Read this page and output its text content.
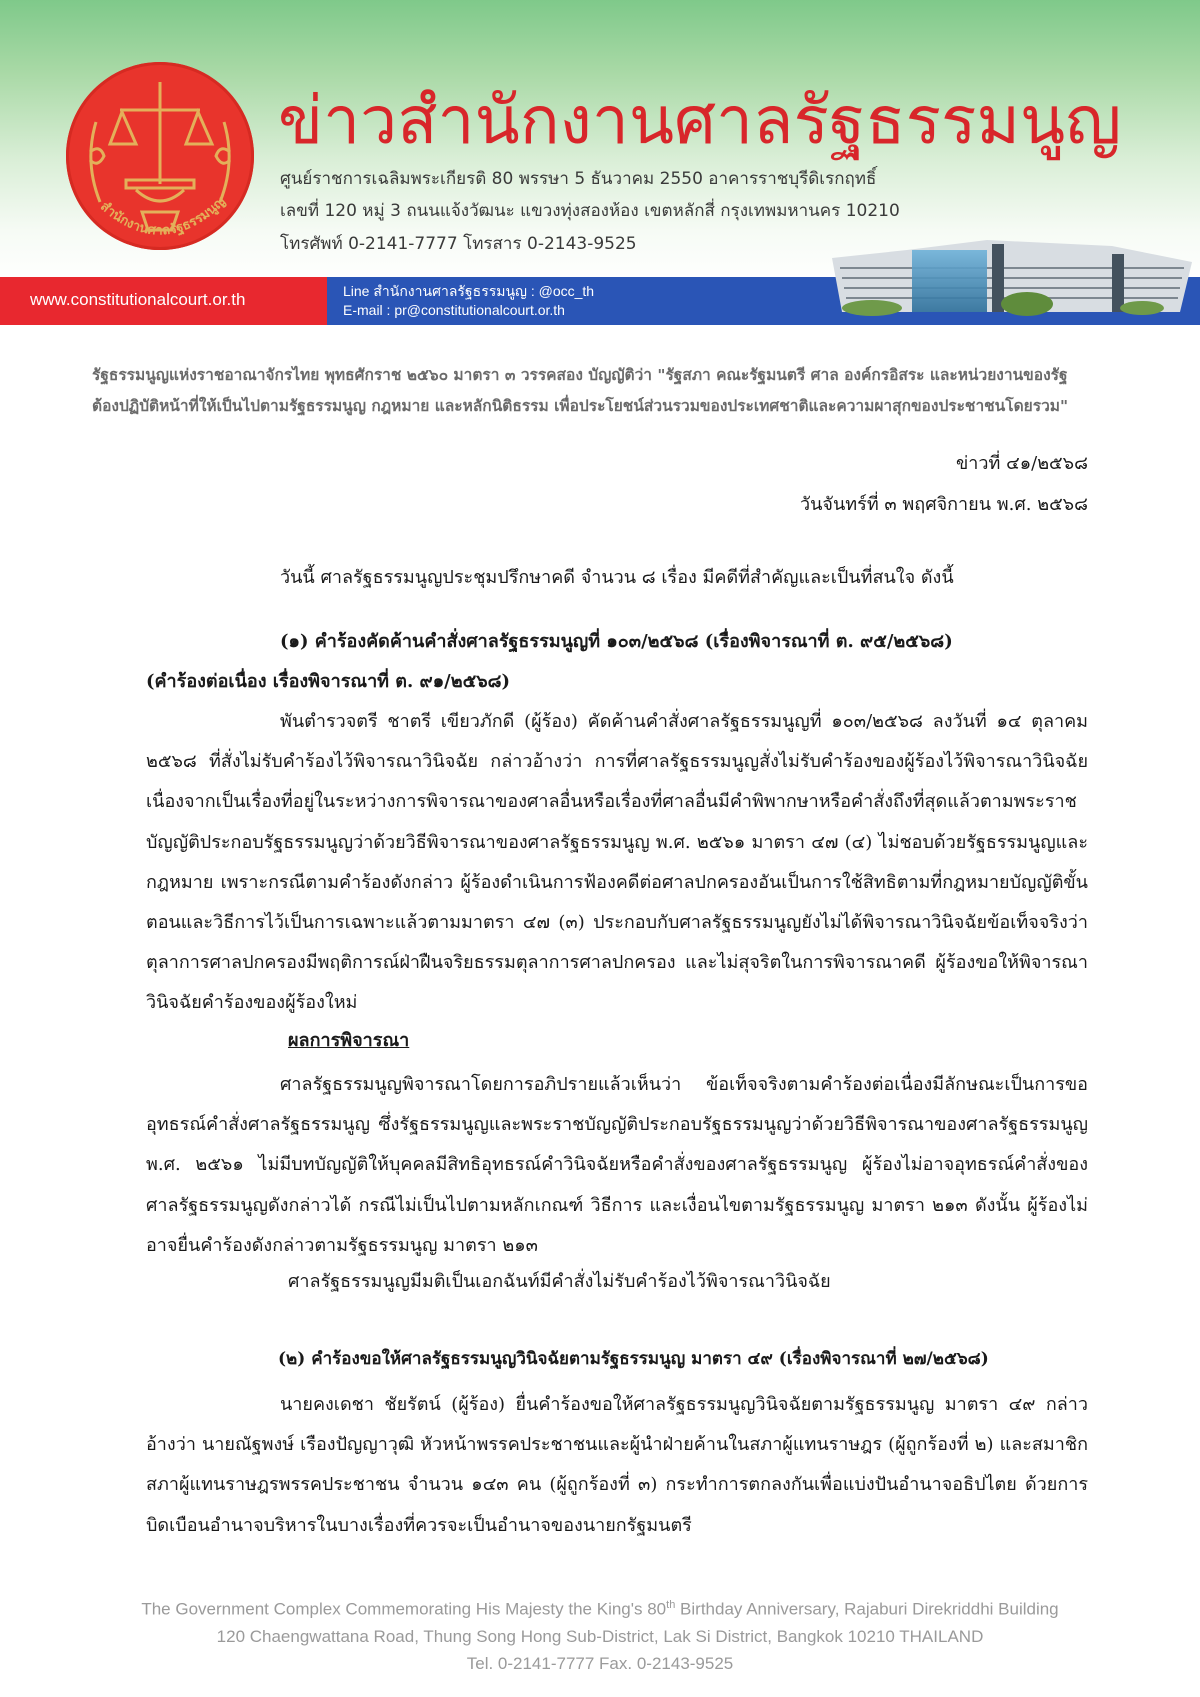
สำนักงานศาลรัฐธรรมนูญ
ข่าวสำนักงานศาลรัฐธรรมนูญ
ศูนย์ราชการเฉลิมพระเกียรติ 80 พรรษา 5 ธันวาคม 2550 อาคารราชบุรีดิเรกฤทธิ์
เลขที่ 120 หมู่ 3 ถนนแจ้งวัฒนะ แขวงทุ่งสองห้อง เขตหลักสี่ กรุงเทพมหานคร 10210
โทรศัพท์ 0-2141-7777 โทรสาร 0-2143-9525
www.constitutionalcourt.or.th	Line สำนักงานศาลรัฐธรรมนูญ : @occ_th
E-mail : pr@constitutionalcourt.or.th
รัฐธรรมนูญแห่งราชอาณาจักรไทย พุทธศักราช ๒๕๖๐ มาตรา ๓ วรรคสอง บัญญัติว่า "รัฐสภา คณะรัฐมนตรี ศาล องค์กรอิสระ และหน่วยงานของรัฐ
ต้องปฏิบัติหน้าที่ให้เป็นไปตามรัฐธรรมนูญ กฎหมาย และหลักนิติธรรม เพื่อประโยชน์ส่วนรวมของประเทศชาติและความผาสุกของประชาชนโดยรวม"
ข่าวที่ ๔๑/๒๕๖๘
วันจันทร์ที่ ๓ พฤศจิกายน พ.ศ. ๒๕๖๘
วันนี้ ศาลรัฐธรรมนูญประชุมปรึกษาคดี จำนวน ๘ เรื่อง มีคดีที่สำคัญและเป็นที่สนใจ ดังนี้
(๑) คำร้องคัดค้านคำสั่งศาลรัฐธรรมนูญที่ ๑๐๓/๒๕๖๘ (เรื่องพิจารณาที่ ต. ๙๕/๒๕๖๘)
(คำร้องต่อเนื่อง เรื่องพิจารณาที่ ต. ๙๑/๒๕๖๘)
พันตำรวจตรี ชาตรี เขียวภักดี (ผู้ร้อง) คัดค้านคำสั่งศาลรัฐธรรมนูญที่ ๑๐๓/๒๕๖๘ ลงวันที่ ๑๔ ตุลาคม ๒๕๖๘ ที่สั่งไม่รับคำร้องไว้พิจารณาวินิจฉัย กล่าวอ้างว่า การที่ศาลรัฐธรรมนูญสั่งไม่รับคำร้องของผู้ร้องไว้พิจารณาวินิจฉัยเนื่องจากเป็นเรื่องที่อยู่ในระหว่างการพิจารณาของศาลอื่นหรือเรื่องที่ศาลอื่นมีคำพิพากษาหรือคำสั่งถึงที่สุดแล้วตามพระราชบัญญัติประกอบรัฐธรรมนูญว่าด้วยวิธีพิจารณาของศาลรัฐธรรมนูญ พ.ศ. ๒๕๖๑ มาตรา ๔๗ (๔) ไม่ชอบด้วยรัฐธรรมนูญและกฎหมาย เพราะกรณีตามคำร้องดังกล่าว ผู้ร้องดำเนินการฟ้องคดีต่อศาลปกครองอันเป็นการใช้สิทธิตามที่กฎหมายบัญญัติขั้นตอนและวิธีการไว้เป็นการเฉพาะแล้วตามมาตรา ๔๗ (๓) ประกอบกับศาลรัฐธรรมนูญยังไม่ได้พิจารณาวินิจฉัยข้อเท็จจริงว่า ตุลาการศาลปกครองมีพฤติการณ์ฝ่าฝืนจริยธรรมตุลาการศาลปกครอง และไม่สุจริตในการพิจารณาคดี ผู้ร้องขอให้พิจารณาวินิจฉัยคำร้องของผู้ร้องใหม่
ผลการพิจารณา
ศาลรัฐธรรมนูญพิจารณาโดยการอภิปรายแล้วเห็นว่า ข้อเท็จจริงตามคำร้องต่อเนื่องมีลักษณะเป็นการขออุทธรณ์คำสั่งศาลรัฐธรรมนูญ ซึ่งรัฐธรรมนูญและพระราชบัญญัติประกอบรัฐธรรมนูญว่าด้วยวิธีพิจารณาของศาลรัฐธรรมนูญ พ.ศ. ๒๕๖๑ ไม่มีบทบัญญัติให้บุคคลมีสิทธิอุทธรณ์คำวินิจฉัยหรือคำสั่งของศาลรัฐธรรมนูญ ผู้ร้องไม่อาจอุทธรณ์คำสั่งของศาลรัฐธรรมนูญดังกล่าวได้ กรณีไม่เป็นไปตามหลักเกณฑ์ วิธีการ และเงื่อนไขตามรัฐธรรมนูญ มาตรา ๒๑๓ ดังนั้น ผู้ร้องไม่อาจยื่นคำร้องดังกล่าวตามรัฐธรรมนูญ มาตรา ๒๑๓
ศาลรัฐธรรมนูญมีมติเป็นเอกฉันท์มีคำสั่งไม่รับคำร้องไว้พิจารณาวินิจฉัย
(๒) คำร้องขอให้ศาลรัฐธรรมนูญวินิจฉัยตามรัฐธรรมนูญ มาตรา ๔๙ (เรื่องพิจารณาที่ ๒๗/๒๕๖๘)
นายคงเดชา ชัยรัตน์ (ผู้ร้อง) ยื่นคำร้องขอให้ศาลรัฐธรรมนูญวินิจฉัยตามรัฐธรรมนูญ มาตรา ๔๙ กล่าวอ้างว่า นายณัฐพงษ์ เรืองปัญญาวุฒิ หัวหน้าพรรคประชาชนและผู้นำฝ่ายค้านในสภาผู้แทนราษฎร (ผู้ถูกร้องที่ ๒) และสมาชิกสภาผู้แทนราษฎรพรรคประชาชน จำนวน ๑๔๓ คน (ผู้ถูกร้องที่ ๓) กระทำการตกลงกันเพื่อแบ่งปันอำนาจอธิปไตย ด้วยการบิดเบือนอำนาจบริหารในบางเรื่องที่ควรจะเป็นอำนาจของนายกรัฐมนตรี
The Government Complex Commemorating His Majesty the King's 80th Birthday Anniversary, Rajaburi Direkriddhi Building
120 Chaengwattana Road, Thung Song Hong Sub-District, Lak Si District, Bangkok 10210 THAILAND
Tel. 0-2141-7777 Fax. 0-2143-9525
